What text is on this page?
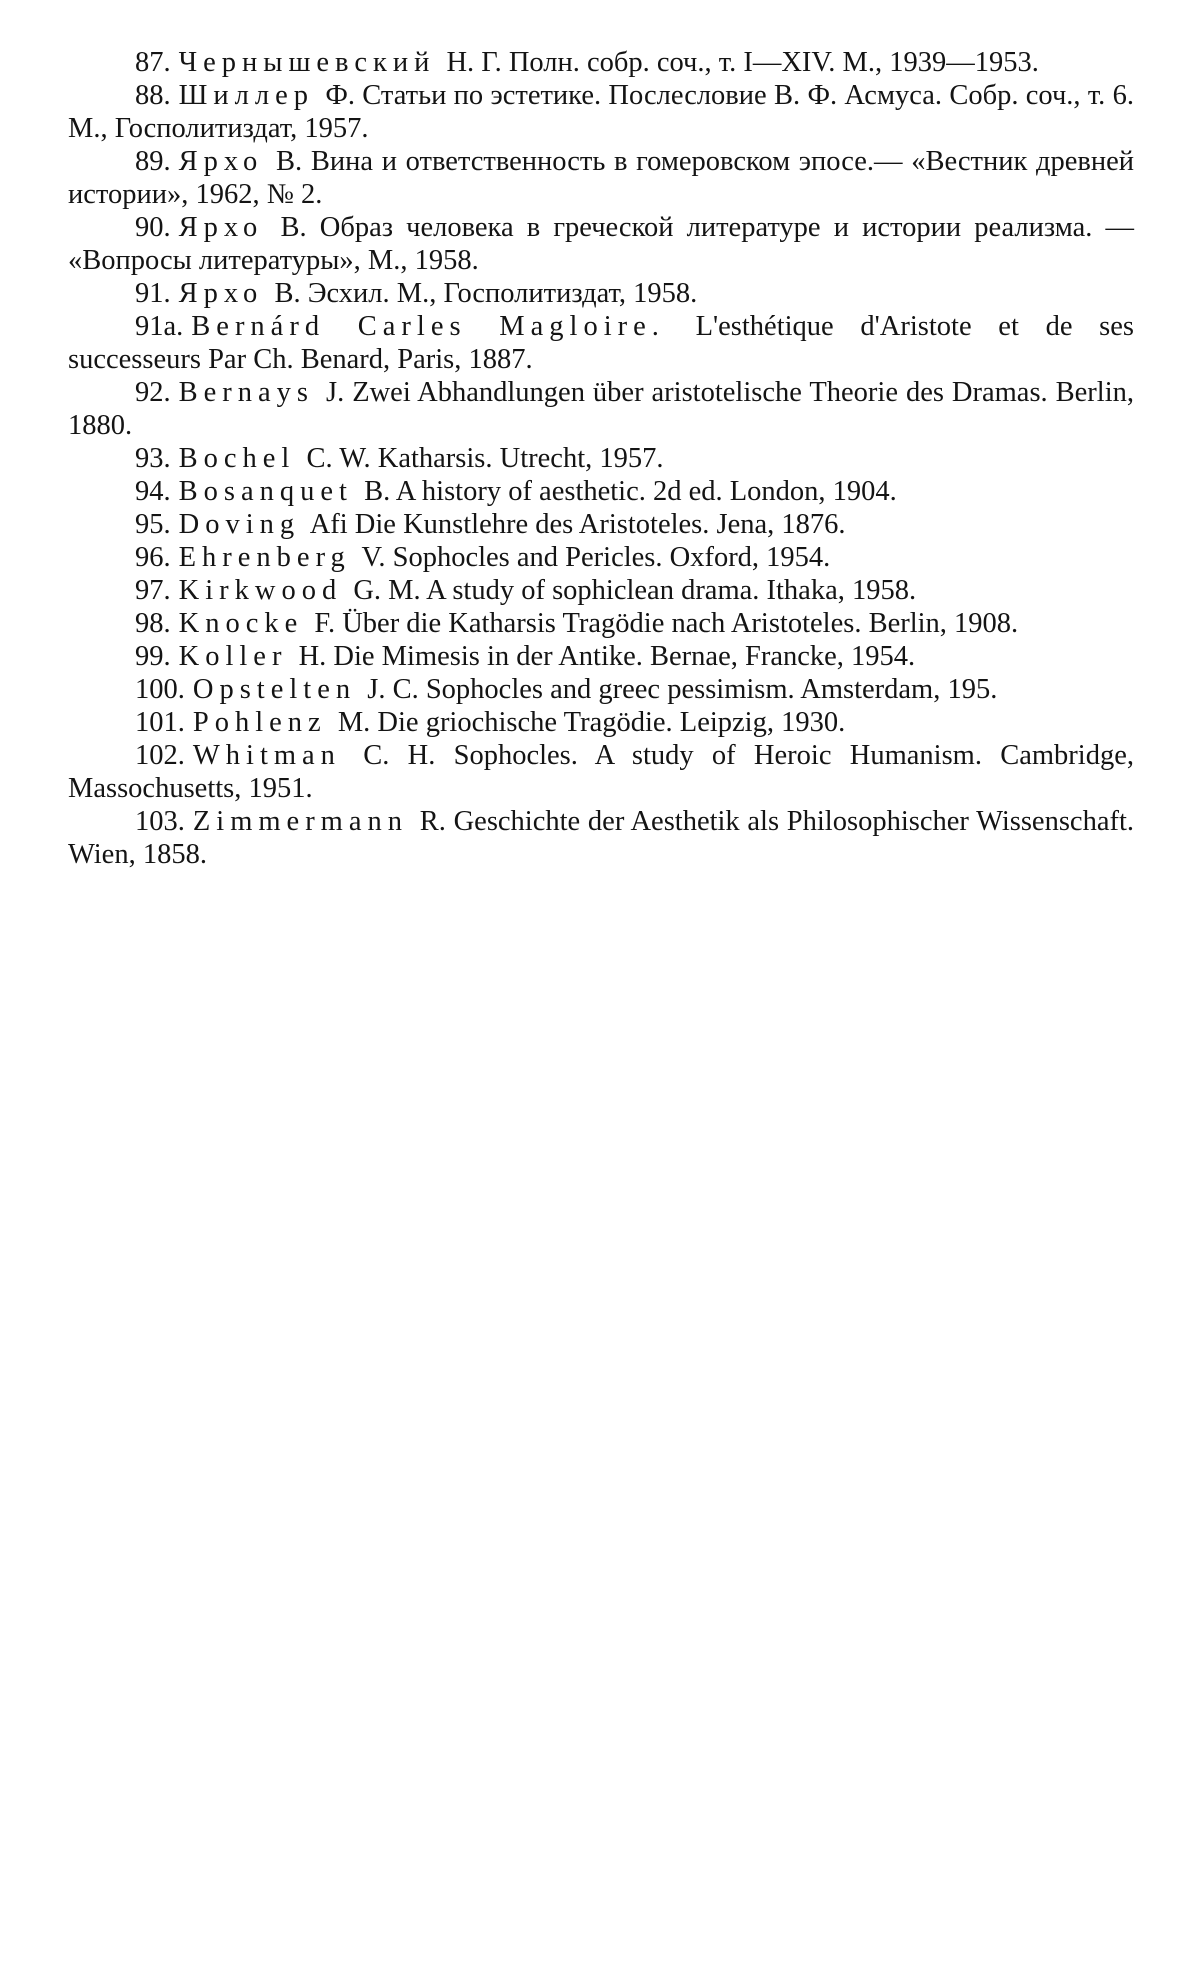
87. Чернышевский Н. Г. Полн. собр. соч., т. I—XIV. М., 1939—1953.

88. Шиллер Ф. Статьи по эстетике. Послесловие В. Ф. Асмуса. Собр. соч., т. 6. М., Госполитиздат, 1957.

89. Ярхо В. Вина и ответственность в гомеровском эпосе.— «Вестник древней истории», 1962, № 2.

90. Ярхо В. Образ человека в греческой литературе и истории реализма. — «Вопросы литературы», М., 1958.

91. Ярхо В. Эсхил. М., Госполитиздат, 1958.

91a. Bernárd Carles Magloire. L'esthétique d'Aristote et de ses successeurs Par Ch. Benard, Paris, 1887.

92. Bernays J. Zwei Abhandlungen über aristotelische Theorie des Dramas. Berlin, 1880.

93. Bochel C. W. Katharsis. Utrecht, 1957.

94. Bosanquet B. A history of aesthetic. 2d ed. London, 1904.

95. Doving Afi Die Kunstlehre des Aristoteles. Jena, 1876.

96. Ehrenberg V. Sophocles and Pericles. Oxford, 1954.

97. Kirkwood G. M. A study of sophiclean drama. Ithaka, 1958.

98. Knocke F. Über die Katharsis Tragödie nach Aristoteles. Berlin, 1908.

99. Koller H. Die Mimesis in der Antike. Bernae, Francke, 1954.

100. Opstelten J. C. Sophocles and greec pessimism. Amsterdam, 195.

101. Pohlenz M. Die griochische Tragödie. Leipzig, 1930.

102. Whitman C. H. Sophocles. A study of Heroic Humanism. Cambridge, Massochusetts, 1951.

103. Zimmermann R. Geschichte der Aesthetik als Philosophischer Wissenschaft. Wien, 1858.
